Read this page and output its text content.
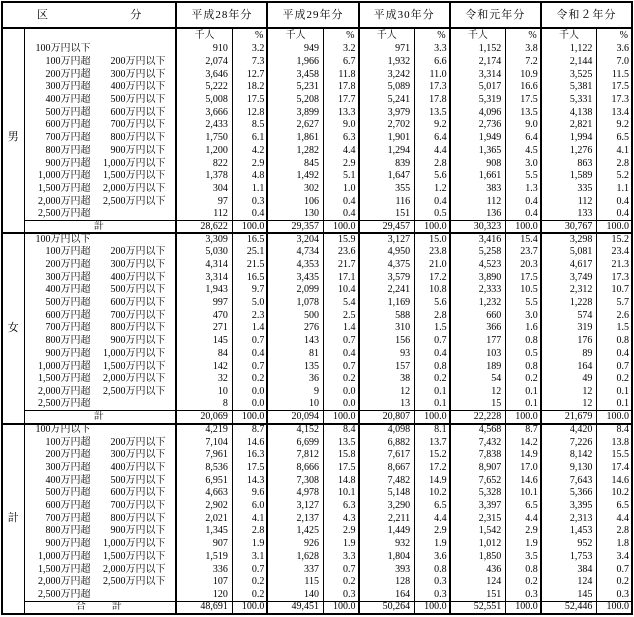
区 分		平成28年分		平成29年分		平成30年分		令和元年分		令和２年分	
		千人	%	千人	%	千人	%	千人	%	千人	%
男	100万円以下	910	3.2	949	3.2	971	3.3	1,152	3.8	1,122	3.6
	100万円超 200万円以下	2,074	7.3	1,966	6.7	1,932	6.6	2,174	7.2	2,144	7.0
	200万円超 300万円以下	3,646	12.7	3,458	11.8	3,242	11.0	3,314	10.9	3,525	11.5
	300万円超 400万円以下	5,222	18.2	5,231	17.8	5,089	17.3	5,017	16.6	5,381	17.5
	400万円超 500万円以下	5,008	17.5	5,208	17.7	5,241	17.8	5,319	17.5	5,331	17.3
	500万円超 600万円以下	3,666	12.8	3,899	13.3	3,979	13.5	4,096	13.5	4,138	13.4
	600万円超 700万円以下	2,433	8.5	2,627	9.0	2,702	9.2	2,736	9.0	2,821	9.2
	700万円超 800万円以下	1,750	6.1	1,861	6.3	1,901	6.4	1,949	6.4	1,994	6.5
	800万円超 900万円以下	1,200	4.2	1,282	4.4	1,294	4.4	1,365	4.5	1,276	4.1
	900万円超 1,000万円以下	822	2.9	845	2.9	839	2.8	908	3.0	863	2.8
	1,000万円超 1,500万円以下	1,378	4.8	1,492	5.1	1,647	5.6	1,661	5.5	1,589	5.2
	1,500万円超 2,000万円以下	304	1.1	302	1.0	355	1.2	383	1.3	335	1.1
	2,000万円超 2,500万円以下	97	0.3	106	0.4	116	0.4	112	0.4	112	0.4
	2,500万円超	112	0.4	130	0.4	151	0.5	136	0.4	133	0.4
	計	28,622	100.0	29,357	100.0	29,457	100.0	30,323	100.0	30,767	100.0
女	100万円以下	3,309	16.5	3,204	15.9	3,127	15.0	3,416	15.4	3,298	15.2
	100万円超 200万円以下	5,030	25.1	4,734	23.6	4,950	23.8	5,258	23.7	5,081	23.4
	200万円超 300万円以下	4,314	21.5	4,353	21.7	4,375	21.0	4,523	20.3	4,617	21.3
	300万円超 400万円以下	3,314	16.5	3,435	17.1	3,579	17.2	3,890	17.5	3,749	17.3
	400万円超 500万円以下	1,943	9.7	2,099	10.4	2,241	10.8	2,333	10.5	2,312	10.7
	500万円超 600万円以下	997	5.0	1,078	5.4	1,169	5.6	1,232	5.5	1,228	5.7
	600万円超 700万円以下	470	2.3	500	2.5	588	2.8	660	3.0	574	2.6
	700万円超 800万円以下	271	1.4	276	1.4	310	1.5	366	1.6	319	1.5
	800万円超 900万円以下	145	0.7	143	0.7	156	0.7	177	0.8	176	0.8
	900万円超 1,000万円以下	84	0.4	81	0.4	93	0.4	103	0.5	89	0.4
	1,000万円超 1,500万円以下	142	0.7	135	0.7	157	0.8	189	0.8	164	0.7
	1,500万円超 2,000万円以下	32	0.2	36	0.2	38	0.2	54	0.2	49	0.2
	2,000万円超 2,500万円以下	10	0.0	9	0.0	12	0.1	12	0.1	12	0.1
	2,500万円超	8	0.0	10	0.0	13	0.1	15	0.1	12	0.1
	計	20,069	100.0	20,094	100.0	20,807	100.0	22,228	100.0	21,679	100.0
計	100万円以下	4,219	8.7	4,152	8.4	4,098	8.1	4,568	8.7	4,420	8.4
	100万円超 200万円以下	7,104	14.6	6,699	13.5	6,882	13.7	7,432	14.2	7,226	13.8
	200万円超 300万円以下	7,961	16.3	7,812	15.8	7,617	15.2	7,838	14.9	8,142	15.5
	300万円超 400万円以下	8,536	17.5	8,666	17.5	8,667	17.2	8,907	17.0	9,130	17.4
	400万円超 500万円以下	6,951	14.3	7,308	14.8	7,482	14.9	7,652	14.6	7,643	14.6
	500万円超 600万円以下	4,663	9.6	4,978	10.1	5,148	10.2	5,328	10.1	5,366	10.2
	600万円超 700万円以下	2,902	6.0	3,127	6.3	3,290	6.5	3,397	6.5	3,395	6.5
	700万円超 800万円以下	2,021	4.1	2,137	4.3	2,211	4.4	2,315	4.4	2,313	4.4
	800万円超 900万円以下	1,345	2.8	1,425	2.9	1,449	2.9	1,542	2.9	1,453	2.8
	900万円超 1,000万円以下	907	1.9	926	1.9	932	1.9	1,012	1.9	952	1.8
	1,000万円超 1,500万円以下	1,519	3.1	1,628	3.3	1,804	3.6	1,850	3.5	1,753	3.4
	1,500万円超 2,000万円以下	336	0.7	337	0.7	393	0.8	436	0.8	384	0.7
	2,000万円超 2,500万円以下	107	0.2	115	0.2	128	0.3	124	0.2	124	0.2
	2,500万円超	120	0.2	140	0.3	164	0.3	151	0.3	145	0.3
	合　　計	48,691	100.0	49,451	100.0	50,264	100.0	52,551	100.0	52,446	100.0
